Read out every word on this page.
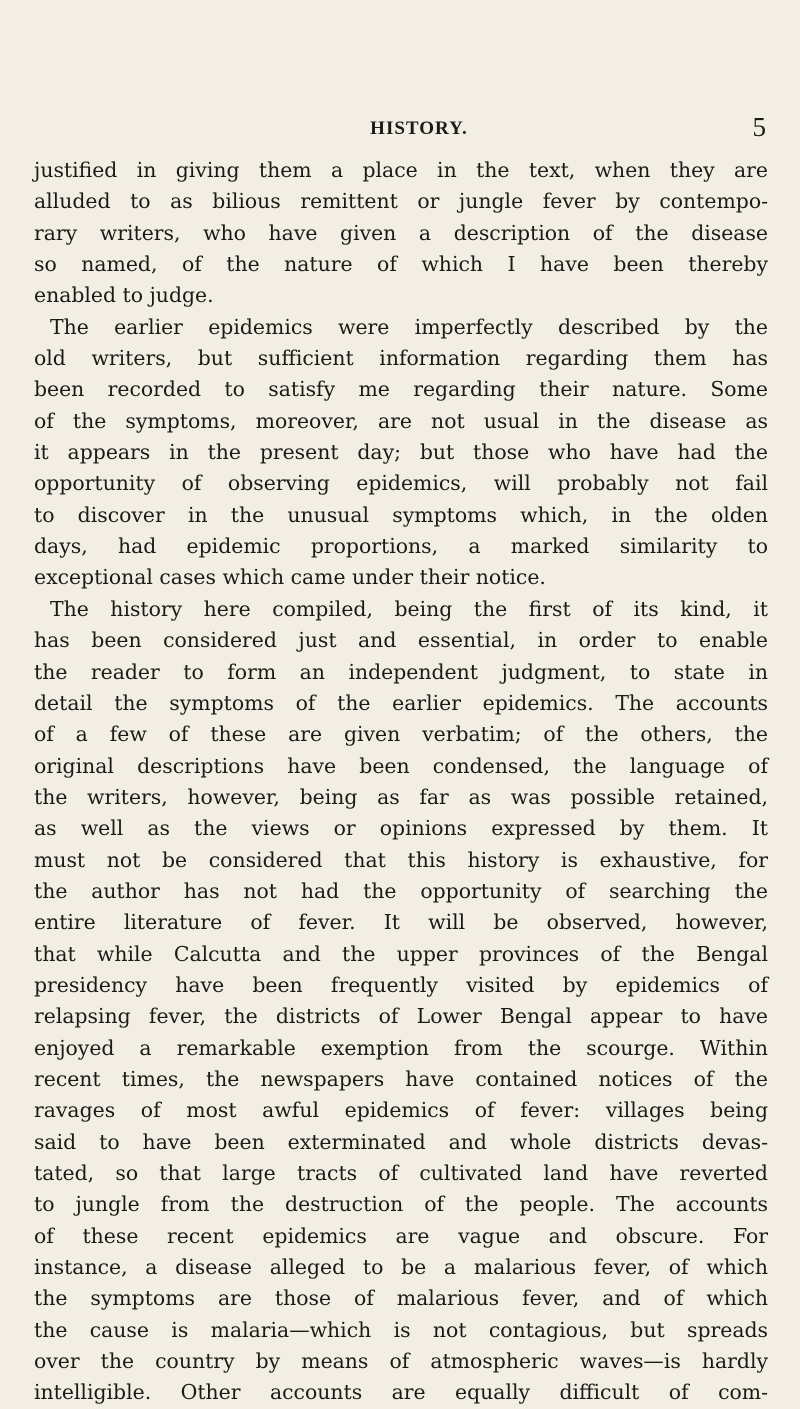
HISTORY.	5
justified in giving them a place in the text, when they are
alluded to as bilious remittent or jungle fever by contempo-
rary writers, who have given a description of the disease
so named, of the nature of which I have been thereby
enabled to judge.
The earlier epidemics were imperfectly described by the
old writers, but sufficient information regarding them has
been recorded to satisfy me regarding their nature. Some
of the symptoms, moreover, are not usual in the disease as
it appears in the present day; but those who have had the
opportunity of observing epidemics, will probably not fail
to discover in the unusual symptoms which, in the olden
days, had epidemic proportions, a marked similarity to
exceptional cases which came under their notice.
The history here compiled, being the first of its kind, it
has been considered just and essential, in order to enable
the reader to form an independent judgment, to state in
detail the symptoms of the earlier epidemics. The accounts
of a few of these are given verbatim; of the others, the
original descriptions have been condensed, the language of
the writers, however, being as far as was possible retained,
as well as the views or opinions expressed by them. It
must not be considered that this history is exhaustive, for
the author has not had the opportunity of searching the
entire literature of fever. It will be observed, however,
that while Calcutta and the upper provinces of the Bengal
presidency have been frequently visited by epidemics of
relapsing fever, the districts of Lower Bengal appear to have
enjoyed a remarkable exemption from the scourge. Within
recent times, the newspapers have contained notices of the
ravages of most awful epidemics of fever: villages being
said to have been exterminated and whole districts devas-
tated, so that large tracts of cultivated land have reverted
to jungle from the destruction of the people. The accounts
of these recent epidemics are vague and obscure. For
instance, a disease alleged to be a malarious fever, of which
the symptoms are those of malarious fever, and of which
the cause is malaria—which is not contagious, but spreads
over the country by means of atmospheric waves—is hardly
intelligible. Other accounts are equally difficult of com-
